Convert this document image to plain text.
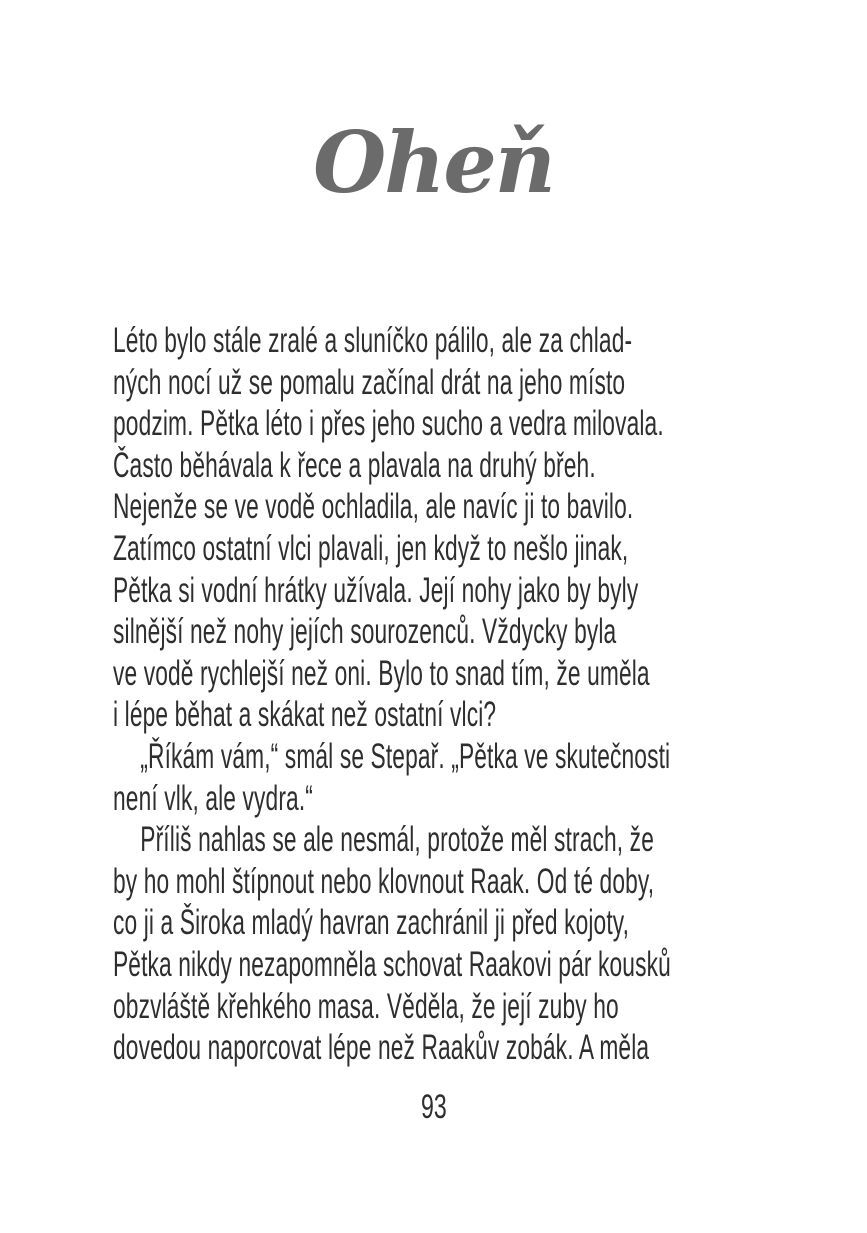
Oheň
Léto bylo stále zralé a sluníčko pálilo, ale za chlad-
ných nocí už se pomalu začínal drát na jeho místo
podzim. Pětka léto i přes jeho sucho a vedra milovala.
Často běhávala k řece a plavala na druhý břeh.
Nejenže se ve vodě ochladila, ale navíc ji to bavilo.
Zatímco ostatní vlci plavali, jen když to nešlo jinak,
Pětka si vodní hrátky užívala. Její nohy jako by byly
silnější než nohy jejích sourozenců. Vždycky byla
ve vodě rychlejší než oni. Bylo to snad tím, že uměla
i lépe běhat a skákat než ostatní vlci?
„Říkám vám,“ smál se Stepař. „Pětka ve skutečnosti
není vlk, ale vydra.“
Příliš nahlas se ale nesmál, protože měl strach, že
by ho mohl štípnout nebo klovnout Raak. Od té doby,
co ji a Široka mladý havran zachránil ji před kojoty,
Pětka nikdy nezapomněla schovat Raakovi pár kousků
obzvláště křehkého masa. Věděla, že její zuby ho
dovedou naporcovat lépe než Raakův zobák. A měla
93
